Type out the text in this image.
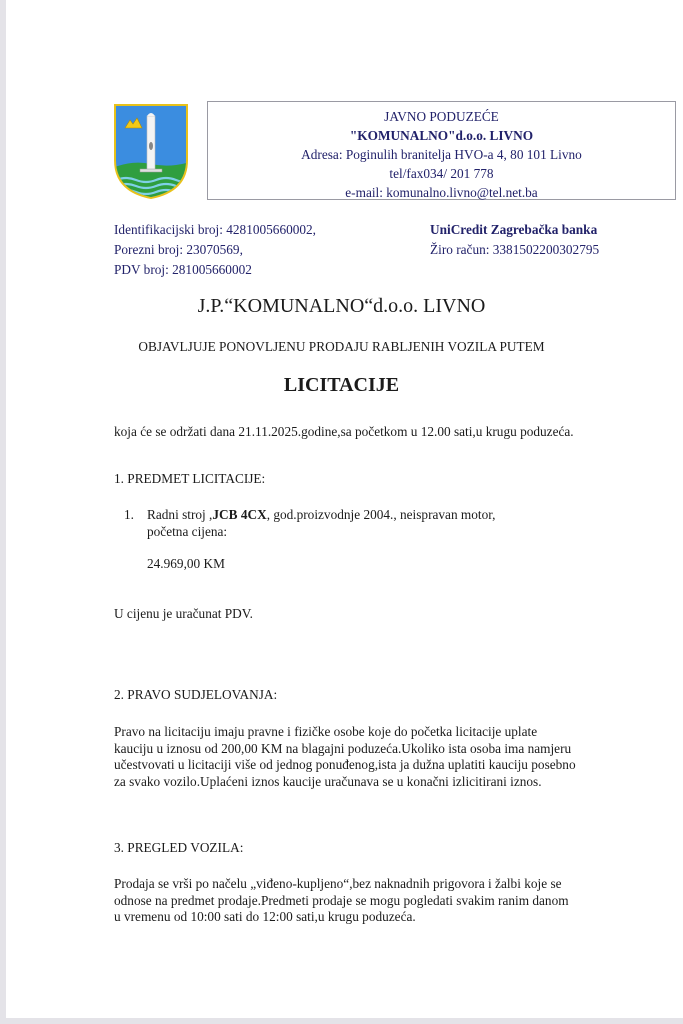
JAVNO PODUZEĆE
"KOMUNALNO"d.o.o. LIVNO
Adresa: Poginulih branitelja HVO-a 4, 80 101 Livno
tel/fax034/ 201 778
e-mail: komunalno.livno@tel.net.ba
Identifikacijski broj: 4281005660002,
Porezni broj: 23070569,
PDV broj: 281005660002
UniCredit Zagrebačka banka
Žiro račun: 3381502200302795
J.P.“KOMUNALNO“d.o.o. LIVNO
OBJAVLJUJE PONOVLJENU PRODAJU RABLJENIH VOZILA PUTEM
LICITACIJE
koja će se održati dana 21.11.2025.godine,sa početkom u 12.00 sati,u krugu poduzeća.
1. PREDMET LICITACIJE:
1. Radni stroj ,JCB 4CX, god.proizvodnje 2004., neispravan motor,
početna cijena:
24.969,00 KM
U cijenu je uračunat PDV.
2. PRAVO SUDJELOVANJA:
Pravo na licitaciju imaju pravne i fizičke osobe koje do početka licitacije uplate
kauciju u iznosu od 200,00 KM na blagajni poduzeća.Ukoliko ista osoba ima namjeru
učestvovati u licitaciji više od jednog ponuđenog,ista ja dužna uplatiti kauciju posebno
za svako vozilo.Uplaćeni iznos kaucije uračunava se u konačni izlicitirani iznos.
3. PREGLED VOZILA:
Prodaja se vrši po načelu „viđeno-kupljeno“,bez naknadnih prigovora i žalbi koje se
odnose na predmet prodaje.Predmeti prodaje se mogu pogledati svakim ranim danom
u vremenu od 10:00 sati do 12:00 sati,u krugu poduzeća.
